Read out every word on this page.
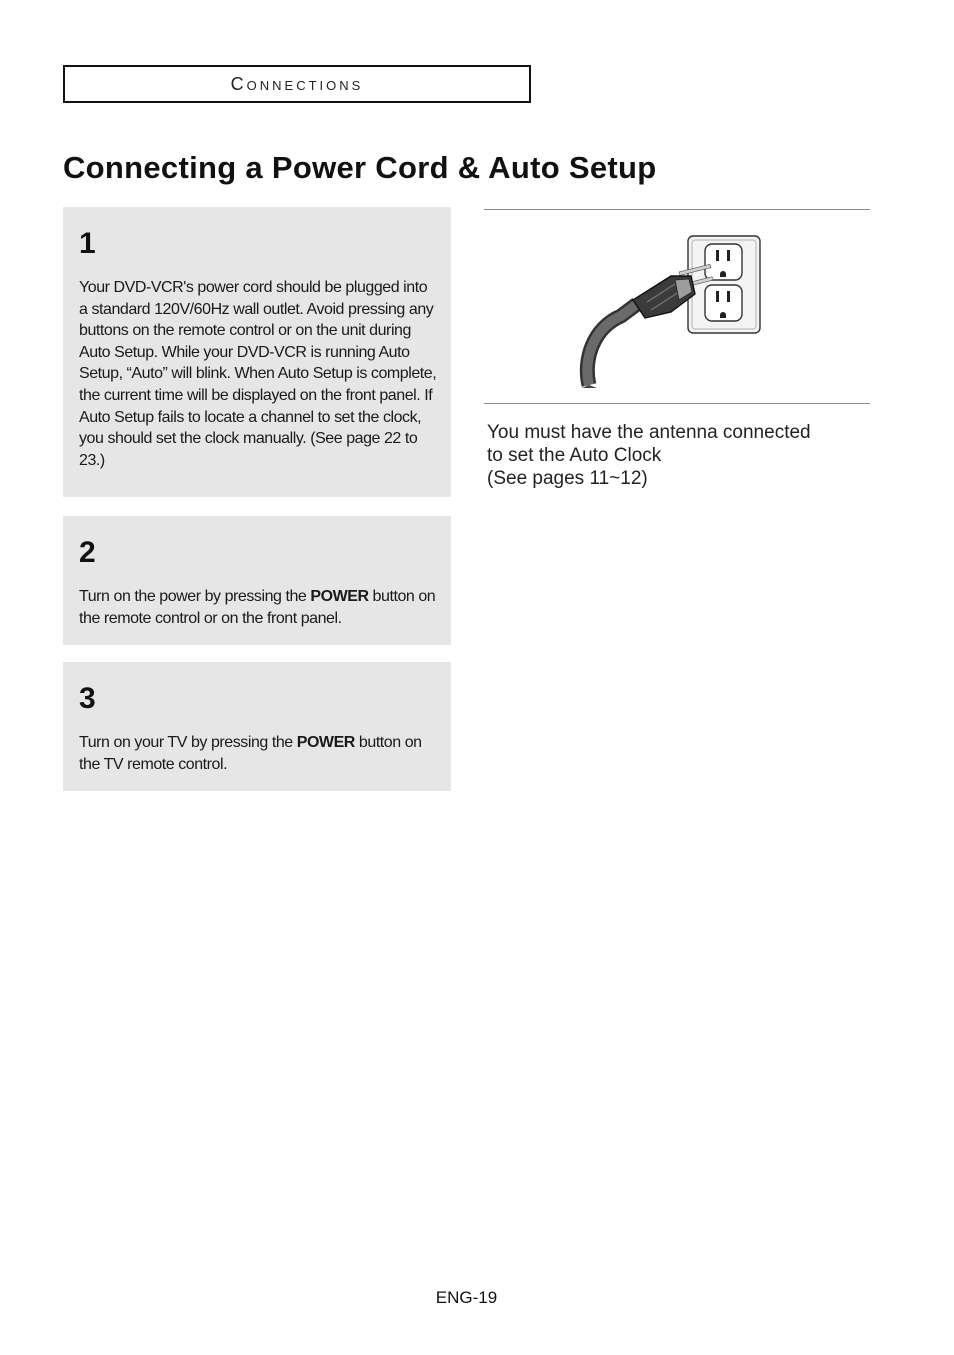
Connections
Connecting a Power Cord & Auto Setup
1
Your DVD-VCR's power cord should be plugged into a standard 120V/60Hz wall outlet. Avoid pressing any buttons on the remote control or on the unit during Auto Setup. While your DVD-VCR is running Auto Setup, “Auto” will blink. When Auto Setup is complete, the current time will be displayed on the front panel. If Auto Setup fails to locate a channel to set the clock, you should set the clock manually. (See page 22 to 23.)
2
Turn on the power by pressing the POWER button on the remote control or on the front panel.
3
Turn on your TV by pressing the POWER button on the TV remote control.
You must have the antenna connected
to set the Auto Clock
(See pages 11~12)
ENG-19
